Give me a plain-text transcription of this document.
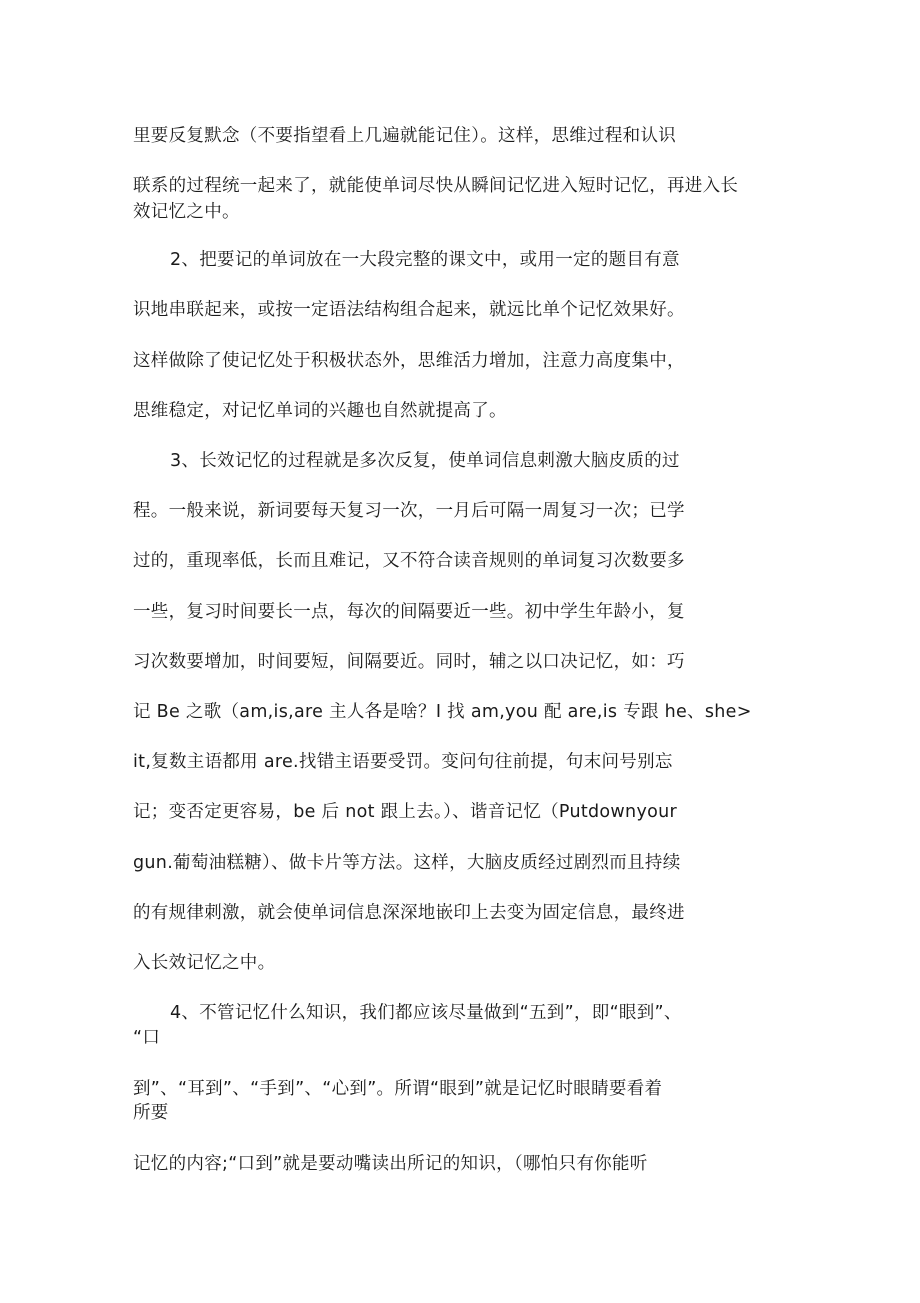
里要反复默念（不要指望看上几遍就能记住）。这样，思维过程和认识
联系的过程统一起来了，就能使单词尽快从瞬间记忆进入短时记忆，再进入长
效记忆之中。
2、把要记的单词放在一大段完整的课文中，或用一定的题目有意
识地串联起来，或按一定语法结构组合起来，就远比单个记忆效果好。
这样做除了使记忆处于积极状态外，思维活力增加，注意力高度集中，
思维稳定，对记忆单词的兴趣也自然就提高了。
3、长效记忆的过程就是多次反复，使单词信息刺激大脑皮质的过
程。一般来说，新词要每天复习一次，一月后可隔一周复习一次；已学
过的，重现率低，长而且难记，又不符合读音规则的单词复习次数要多
一些，复习时间要长一点，每次的间隔要近一些。初中学生年龄小，复
习次数要增加，时间要短，间隔要近。同时，辅之以口决记忆，如：巧
记 Be 之歌（am,is,are 主人各是啥？I 找 am,you 配 are,is 专跟 he、she>
it,复数主语都用 are.找错主语要受罚。变问句往前提，句末问号别忘
记；变否定更容易，be 后 not 跟上去。）、谐音记忆（Putdownyour
gun.葡萄油糕糖）、做卡片等方法。这样，大脑皮质经过剧烈而且持续
的有规律刺激，就会使单词信息深深地嵌印上去变为固定信息，最终进
入长效记忆之中。
4、不管记忆什么知识，我们都应该尽量做到“五到”，即“眼到”、
“口
到”、“耳到”、“手到”、“心到”。所谓“眼到”就是记忆时眼睛要看着
所要
记忆的内容;“口到”就是要动嘴读出所记的知识，（哪怕只有你能听
